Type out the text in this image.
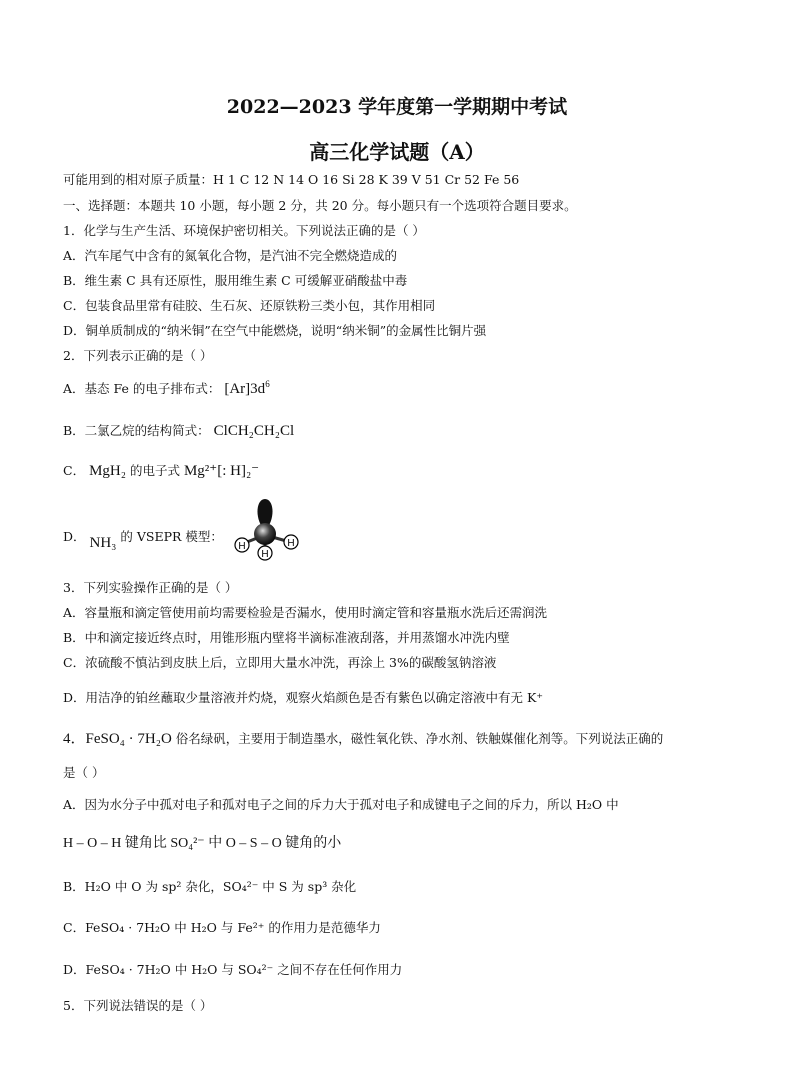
2022—2023 学年度第一学期期中考试
高三化学试题（A）
可能用到的相对原子质量：H 1 C 12 N 14 O 16 Si 28 K 39 V 51 Cr 52 Fe 56
一、选择题：本题共 10 小题，每小题 2 分，共 20 分。每小题只有一个选项符合题目要求。
1．化学与生产生活、环境保护密切相关。下列说法正确的是（ ）
A．汽车尾气中含有的氮氧化合物，是汽油不完全燃烧造成的
B．维生素 C 具有还原性，服用维生素 C 可缓解亚硝酸盐中毒
C．包装食品里常有硅胶、生石灰、还原铁粉三类小包，其作用相同
D．铜单质制成的“纳米铜”在空气中能燃烧，说明“纳米铜”的金属性比铜片强
2．下列表示正确的是（ ）
A．基态 Fe 的电子排布式： $[Ar]3d^6$
B．二氯乙烷的结构简式： ClCH₂CH₂Cl
C． MgH₂ 的电子式 Mg²⁺[: H]₂⁻
D． NH₃ 的 VSEPR 模型：
H	H
H
3．下列实验操作正确的是（ ）
A．容量瓶和滴定管使用前均需要检验是否漏水，使用时滴定管和容量瓶水洗后还需润洗
B．中和滴定接近终点时，用锥形瓶内壁将半滴标准液刮落，并用蒸馏水冲洗内壁
C．浓硫酸不慎沾到皮肤上后，立即用大量水冲洗，再涂上 3%的碳酸氢钠溶液
D．用洁净的铂丝蘸取少量溶液并灼烧，观察火焰颜色是否有紫色以确定溶液中有无 K⁺
4．FeSO₄ · 7H₂O 俗名绿矾，主要用于制造墨水，磁性氧化铁、净水剂、铁触媒催化剂等。下列说法正确的
是（ ）
A．因为水分子中孤对电子和孤对电子之间的斥力大于孤对电子和成键电子之间的斥力，所以 H₂O 中
H – O – H 键角比 SO₄²⁻ 中 O – S – O 键角的小
B．H₂O 中 O 为 sp² 杂化，SO₄²⁻ 中 S 为 sp³ 杂化
C．FeSO₄ · 7H₂O 中 H₂O 与 Fe²⁺ 的作用力是范德华力
D．FeSO₄ · 7H₂O 中 H₂O 与 SO₄²⁻ 之间不存在任何作用力
5．下列说法错误的是（ ）
